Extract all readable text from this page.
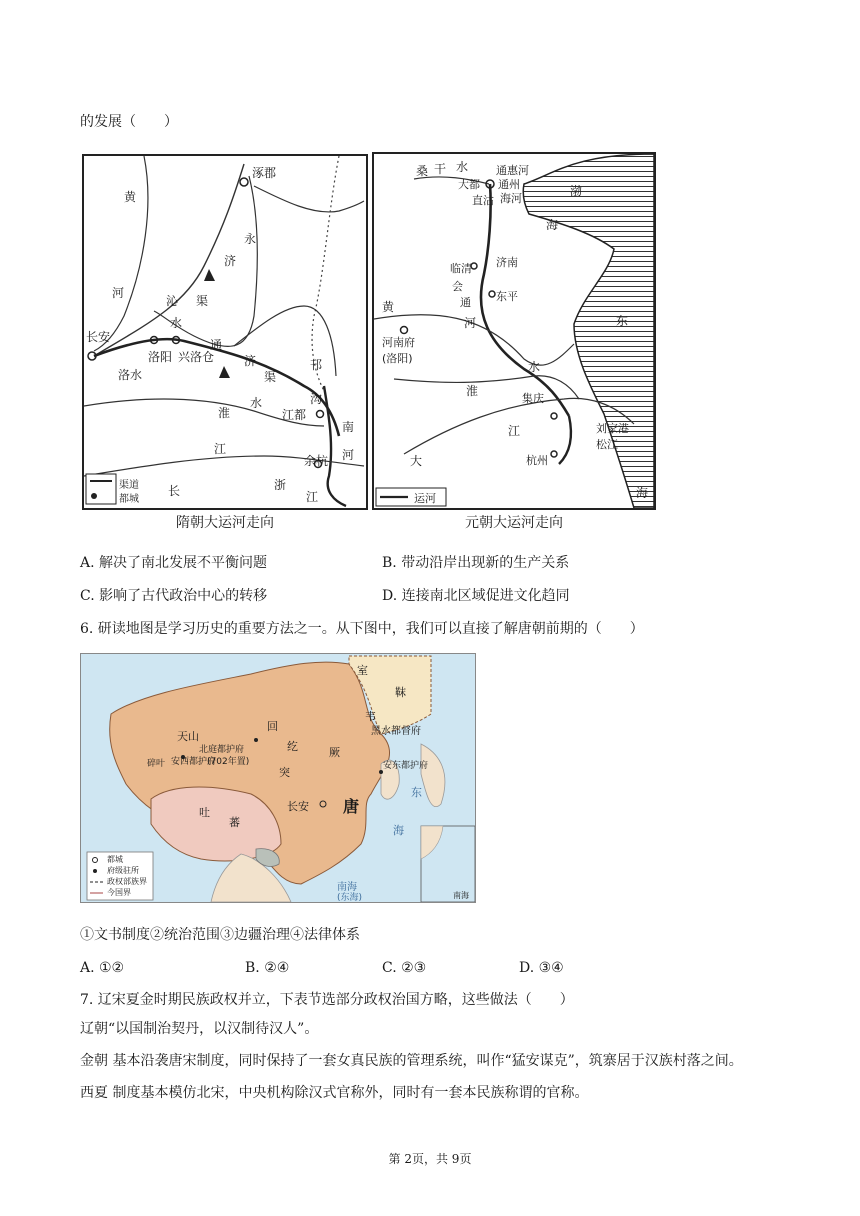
的发展（　　）
涿郡
黄
永
济
河
沁 渠
长安
水
洛阳 兴洛仓
通
济
洛水	渠
邗
淮
水
江都
沟
南
江
余杭
长	浙
江
河
渠道
都城
隋朝大运河走向
桑 干 水	通惠河
大都 通州
直沽 海河
渤
海
临清 济南
会
通 东平
河
黄
河南府
(洛阳)
东
水
淮
集庆
刘家港
江
松江
大	杭州
海
运河
元朝大运河走向
A. 解决了南北发展不平衡问题	B. 带动沿岸出现新的生产关系
C. 影响了古代政治中心的转移	D. 连接南北区域促进文化趋同
6. 研读地图是学习历史的重要方法之一。从下图中，我们可以直接了解唐朝前期的（　　）
室
韦
靺
黑水都督府
回
纥
天山
北庭都护府
(702年置)
安西都护府
碎叶
突
厥
吐
蕃
长安 唐
安东都护府
东
海
南海
(东海)
都城
府级驻所
政权部族界
今国界	南海
①文书制度②统治范围③边疆治理④法律体系
A. ①②	B. ②④	C. ②③	D. ③④
7. 辽宋夏金时期民族政权并立，下表节选部分政权治国方略，这些做法（　　）
辽朝“以国制治契丹，以汉制待汉人”。
金朝 基本沿袭唐宋制度，同时保持了一套女真民族的管理系统，叫作“猛安谋克”，筑寨居于汉族村落之间。
西夏 制度基本模仿北宋，中央机构除汉式官称外，同时有一套本民族称谓的官称。
第 2页，共 9页
